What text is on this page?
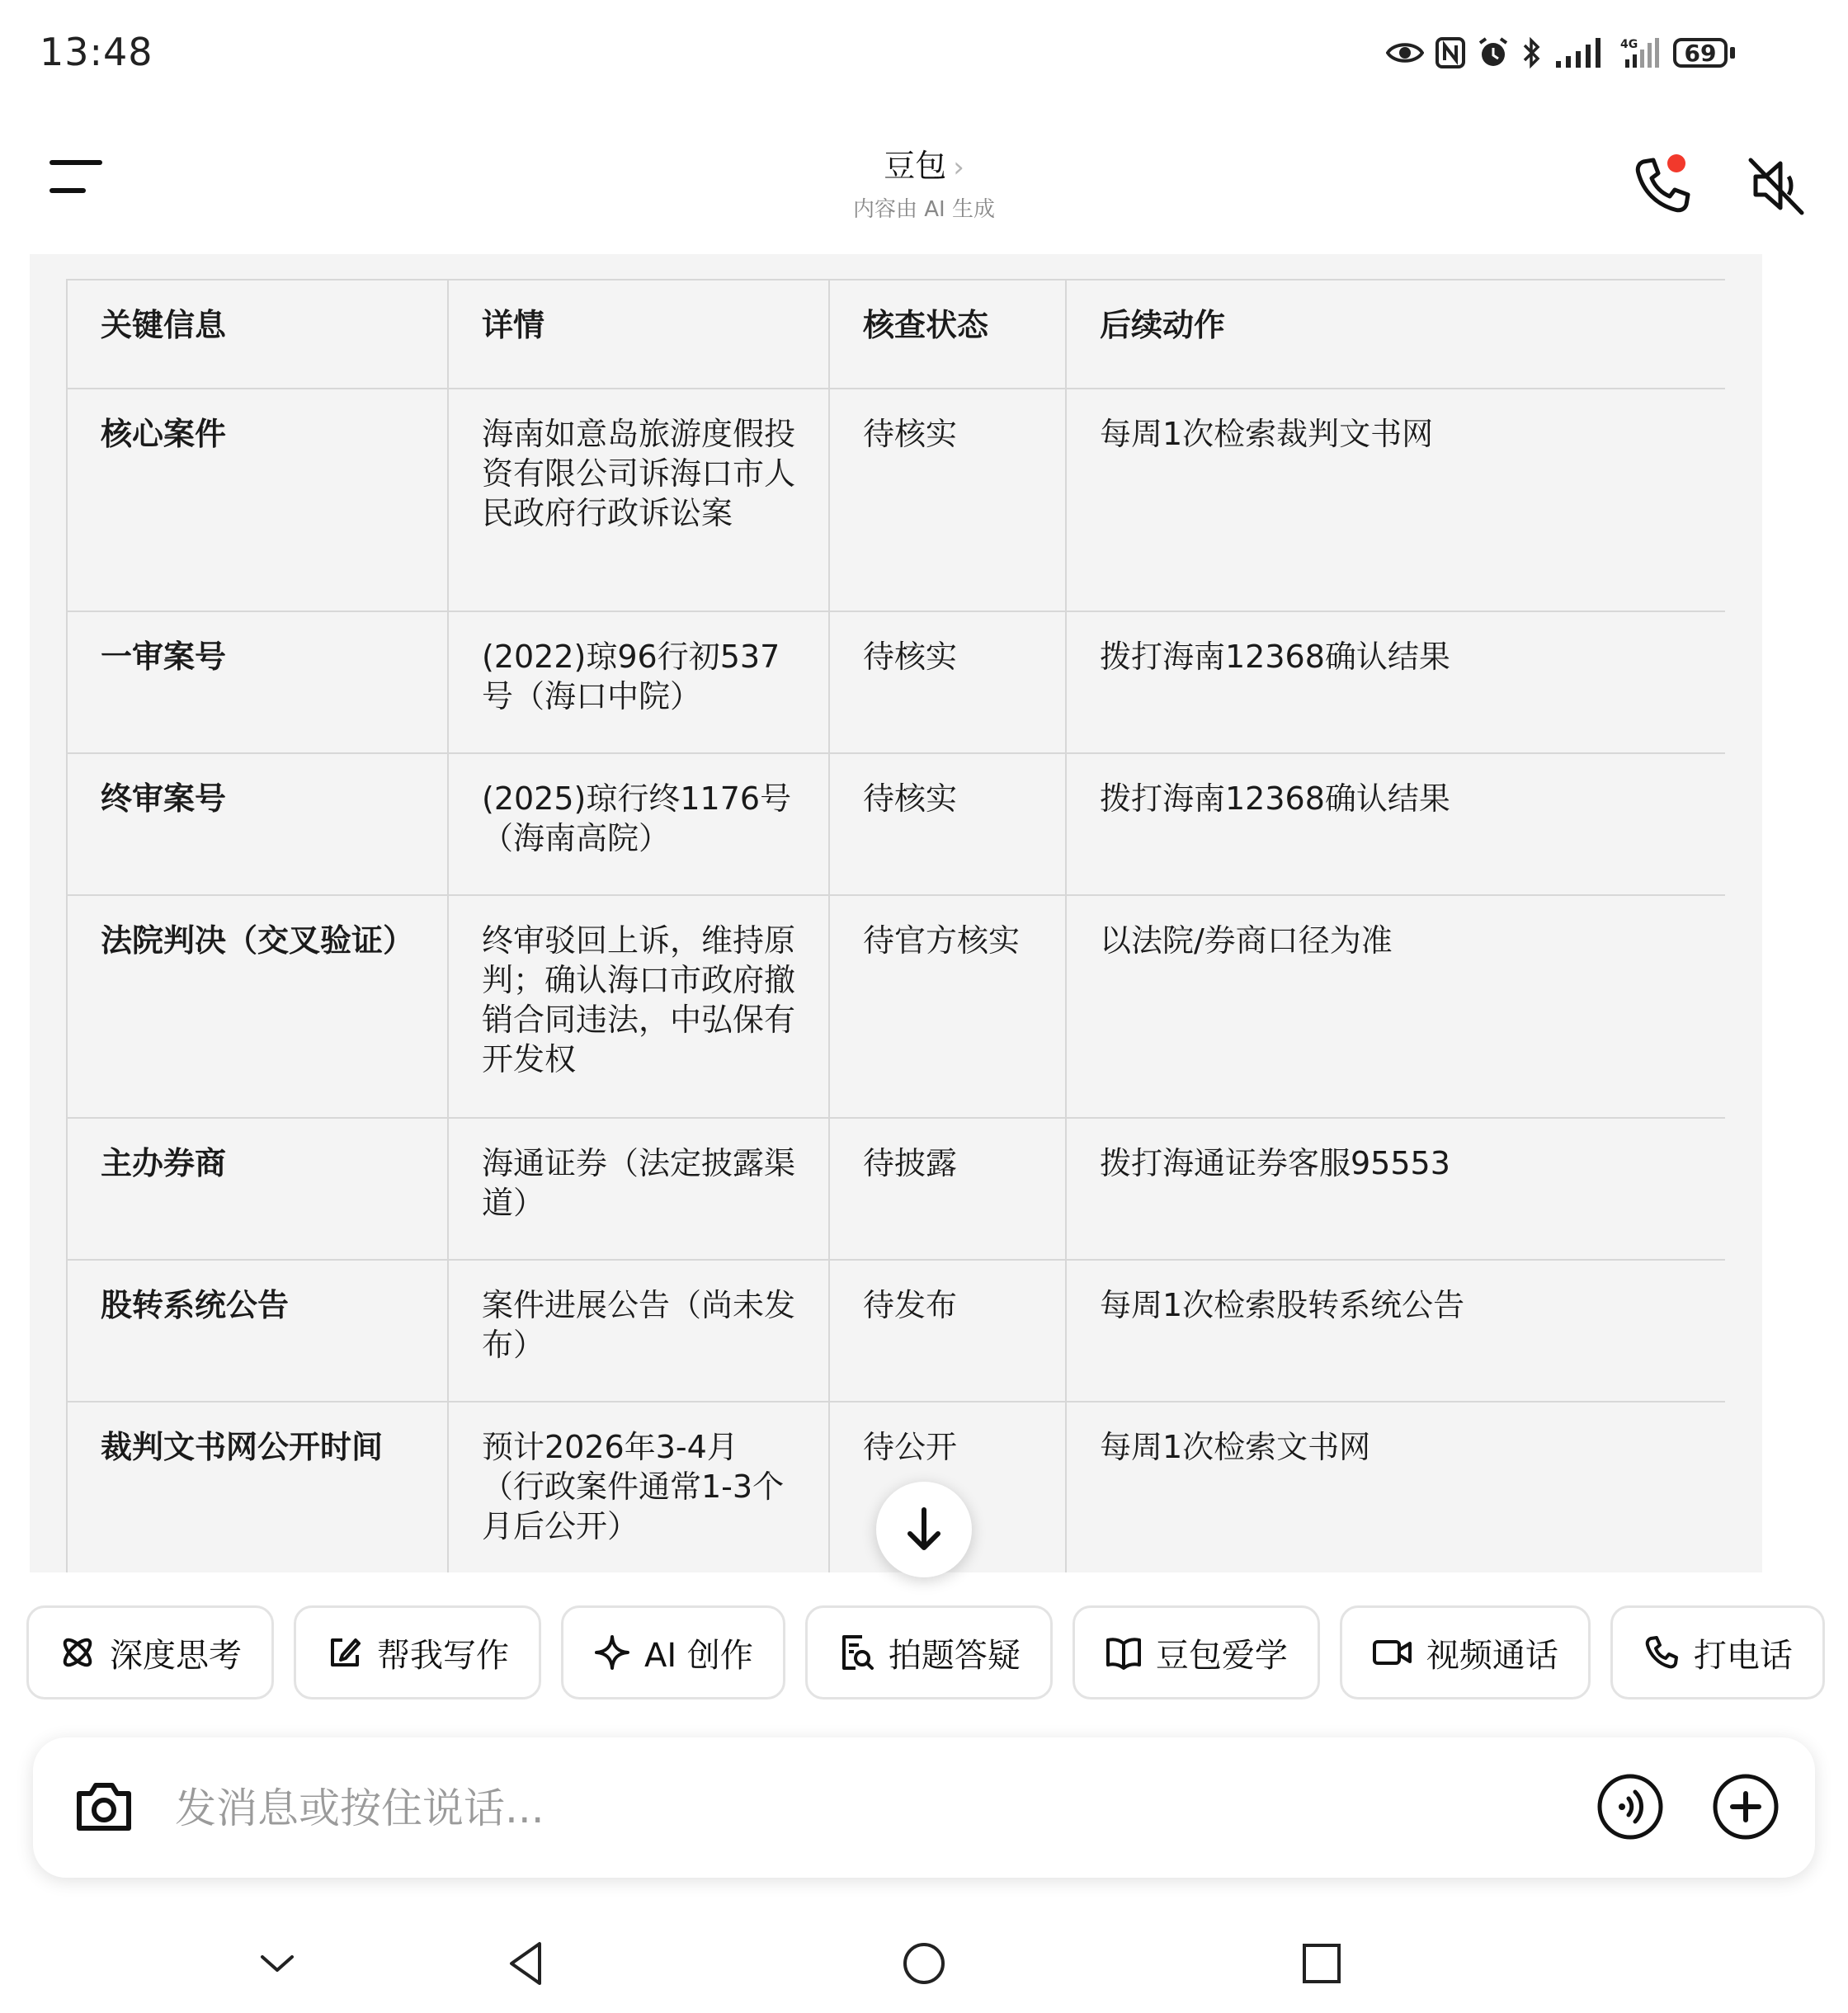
13:48	4G	69
豆包 ›
内容由 AI 生成
关键信息	详情	核查状态	后续动作
核心案件	海南如意岛旅游度假投资有限公司诉海口市人民政府行政诉讼案	待核实	每周1次检索裁判文书网
一审案号	(2022)琼96行初537号（海口中院）	待核实	拨打海南12368确认结果
终审案号	(2025)琼行终1176号（海南高院）	待核实	拨打海南12368确认结果
法院判决（交叉验证）	终审驳回上诉，维持原判；确认海口市政府撤销合同违法，中弘保有开发权	待官方核实	以法院/券商口径为准
主办券商	海通证券（法定披露渠道）	待披露	拨打海通证券客服95553
股转系统公告	案件进展公告（尚未发布）	待发布	每周1次检索股转系统公告
裁判文书网公开时间	预计2026年3-4月（行政案件通常1-3个月后公开）	待公开	每周1次检索文书网
深度思考	帮我写作	AI 创作	拍题答疑	豆包爱学	视频通话	打电话
发消息或按住说话...
